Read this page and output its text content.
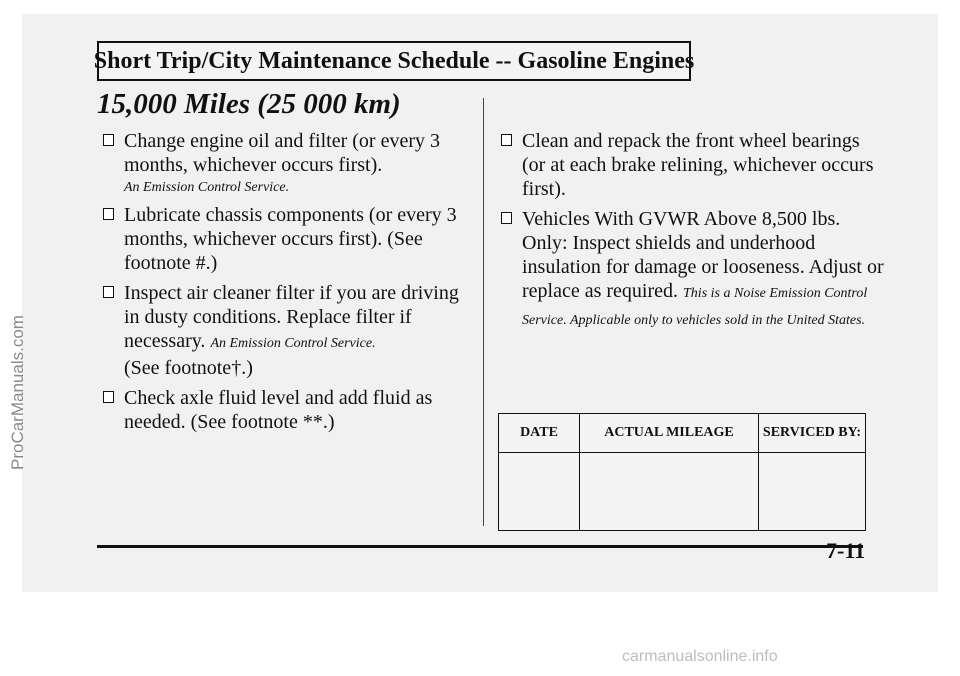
Short Trip/City Maintenance Schedule -- Gasoline Engines
15,000 Miles (25 000 km)
Change engine oil and filter (or every 3 months, whichever occurs first).
An Emission Control Service.
Lubricate chassis components (or every 3 months, whichever occurs first). (See footnote #.)
Inspect air cleaner filter if you are driving in dusty conditions. Replace filter if necessary. An Emission Control Service.
(See footnote†.)
Check axle fluid level and add fluid as needed. (See footnote **.)
Clean and repack the front wheel bearings (or at each brake relining, whichever occurs first).
Vehicles With GVWR Above 8,500 lbs. Only: Inspect shields and underhood insulation for damage or looseness. Adjust or replace as required. This is a Noise Emission Control Service. Applicable only to vehicles sold in the United States.
DATE	ACTUAL MILEAGE	SERVICED BY:

7-11
ProCarManuals.com
carmanualsonline.info
